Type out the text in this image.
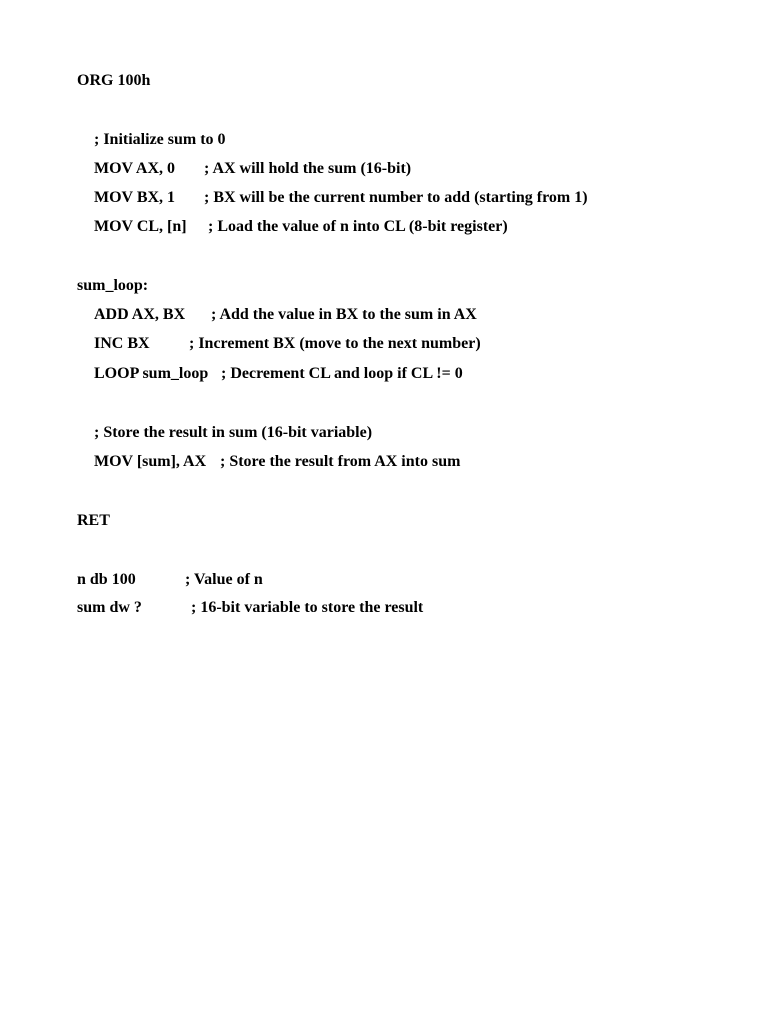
ORG 100h

; Initialize sum to 0

MOV AX, 0

; AX will hold the sum (16-bit)

MOV BX, 1

; BX will be the current number to add (starting from 1)

MOV CL, [n]

; Load the value of n into CL (8-bit register)

sum_loop:

ADD AX, BX

; Add the value in BX to the sum in AX

INC BX

; Increment BX (move to the next number)

LOOP sum_loop

; Decrement CL and loop if CL != 0

; Store the result in sum (16-bit variable)

MOV [sum], AX

; Store the result from AX into sum

RET

n db 100

	; Value of n

sum dw ?

	; 16-bit variable to store the result
